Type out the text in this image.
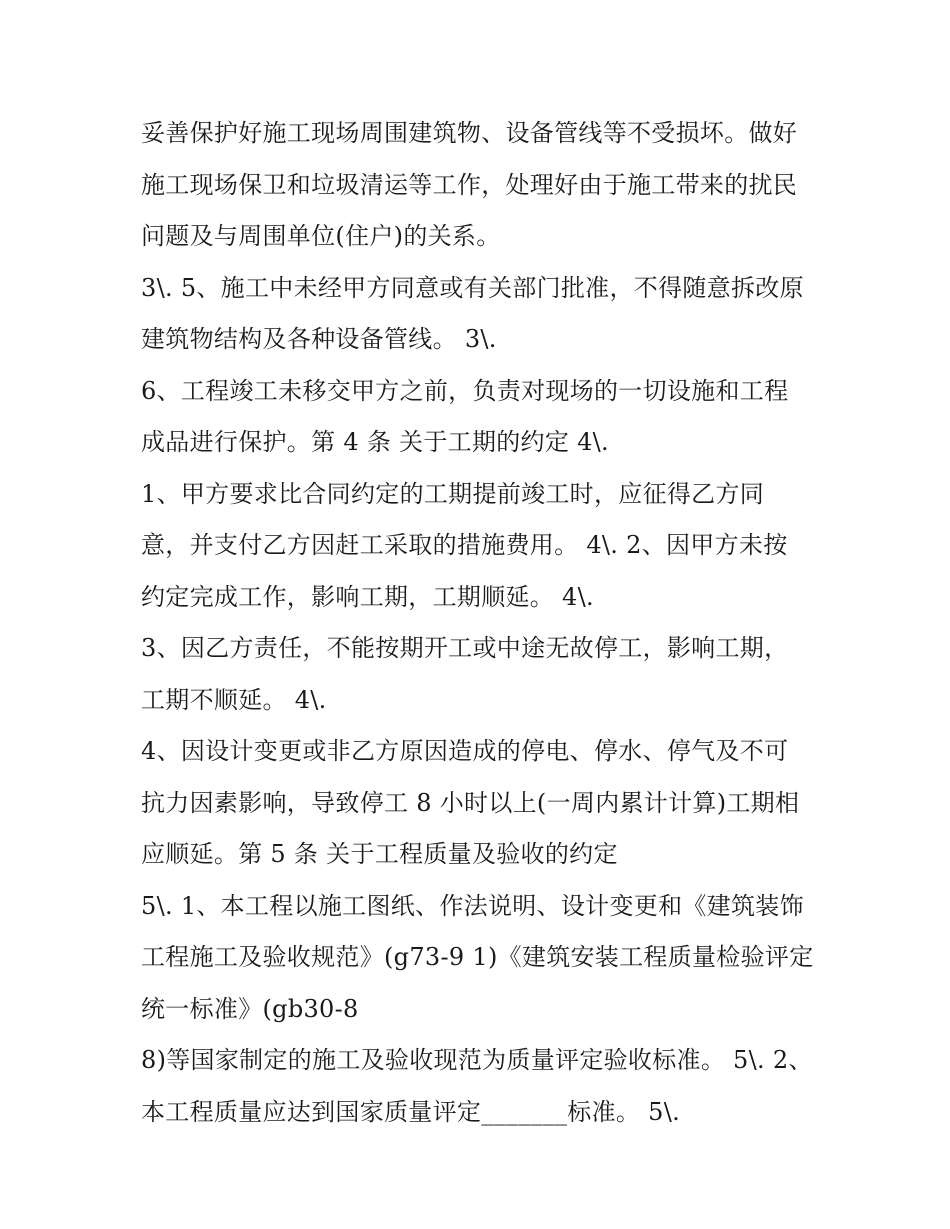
妥善保护好施工现场周围建筑物、设备管线等不受损坏。做好
施工现场保卫和垃圾清运等工作，处理好由于施工带来的扰民
问题及与周围单位(住户)的关系。
3\. 5、施工中未经甲方同意或有关部门批准，不得随意拆改原
建筑物结构及各种设备管线。 3\.
6、工程竣工未移交甲方之前，负责对现场的一切设施和工程
成品进行保护。第 4 条 关于工期的约定 4\.
1、甲方要求比合同约定的工期提前竣工时，应征得乙方同
意，并支付乙方因赶工采取的措施费用。 4\. 2、因甲方未按
约定完成工作，影响工期，工期顺延。 4\.
3、因乙方责任，不能按期开工或中途无故停工，影响工期，
工期不顺延。 4\.
4、因设计变更或非乙方原因造成的停电、停水、停气及不可
抗力因素影响，导致停工 8 小时以上(一周内累计计算)工期相
应顺延。第 5 条 关于工程质量及验收的约定
5\. 1、本工程以施工图纸、作法说明、设计变更和《建筑装饰
工程施工及验收规范》(g73-9 1)《建筑安装工程质量检验评定
统一标准》(gb30-8
8)等国家制定的施工及验收现范为质量评定验收标准。 5\. 2、
本工程质量应达到国家质量评定_______标准。 5\.
